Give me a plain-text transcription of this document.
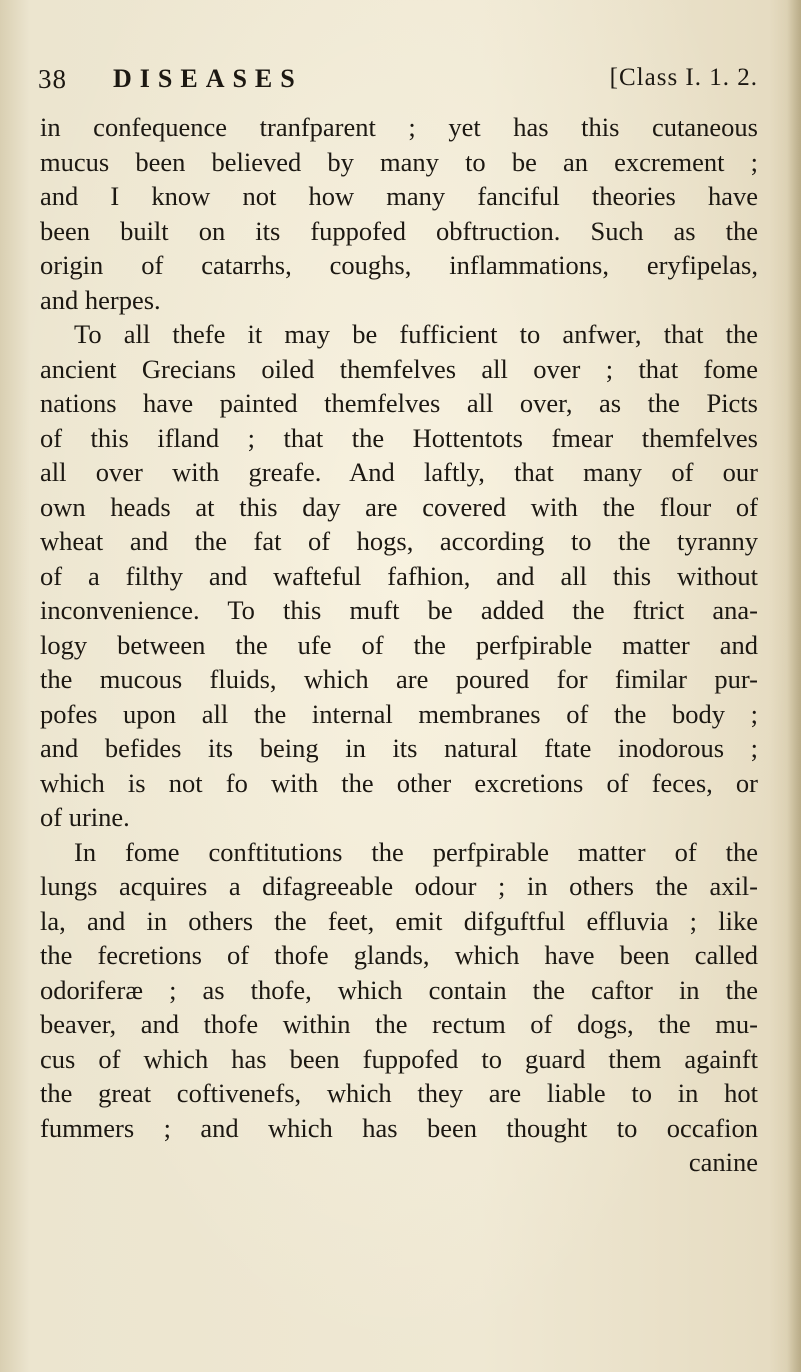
38 DISEASES	[Class I. 1. 2.
in confequence tranfparent ; yet has this cutaneous
mucus been believed by many to be an excrement ;
and I know not how many fanciful theories have
been built on its fuppofed obftruction. Such as the
origin of catarrhs, coughs, inflammations, eryfipelas,
and herpes.
To all thefe it may be fufficient to anfwer, that the
ancient Grecians oiled themfelves all over ; that fome
nations have painted themfelves all over, as the Picts
of this ifland ; that the Hottentots fmear themfelves
all over with greafe. And laftly, that many of our
own heads at this day are covered with the flour of
wheat and the fat of hogs, according to the tyranny
of a filthy and wafteful fafhion, and all this without
inconvenience. To this muft be added the ftrict ana-
logy between the ufe of the perfpirable matter and
the mucous fluids, which are poured for fimilar pur-
pofes upon all the internal membranes of the body ;
and befides its being in its natural ftate inodorous ;
which is not fo with the other excretions of feces, or
of urine.
In fome conftitutions the perfpirable matter of the
lungs acquires a difagreeable odour ; in others the axil-
la, and in others the feet, emit difguftful effluvia ; like
the fecretions of thofe glands, which have been called
odoriferæ ; as thofe, which contain the caftor in the
beaver, and thofe within the rectum of dogs, the mu-
cus of which has been fuppofed to guard them againft
the great coftivenefs, which they are liable to in hot
fummers ; and which has been thought to occafion
canine
